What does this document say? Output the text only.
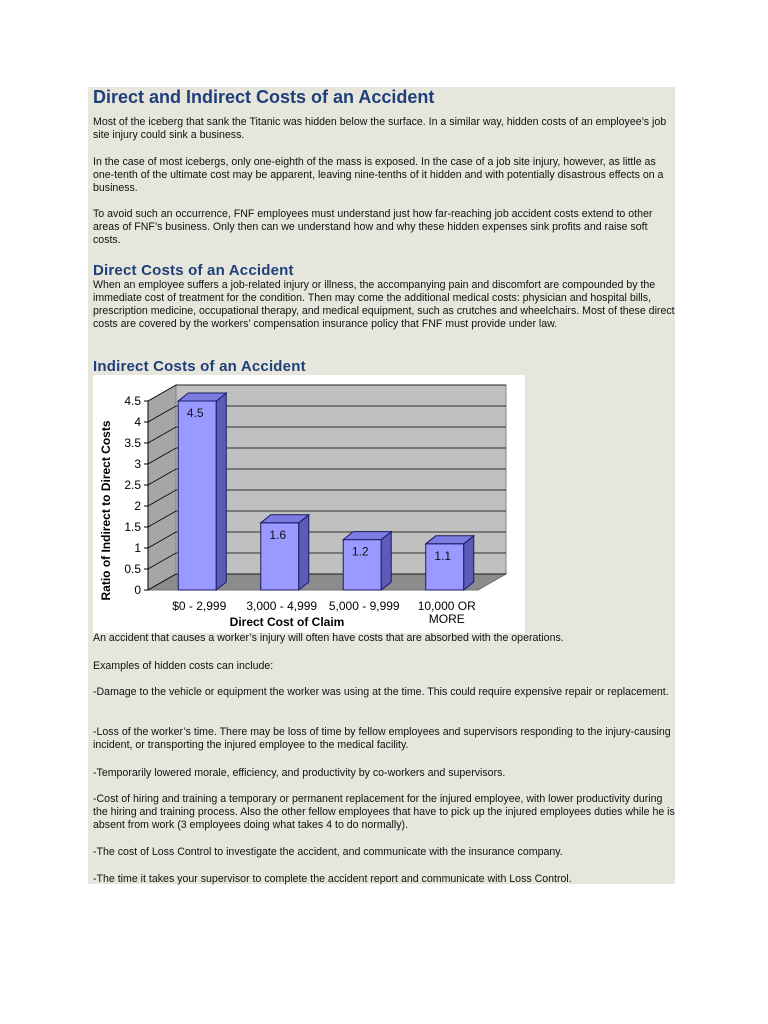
Direct and Indirect Costs of an Accident

Most of the iceberg that sank the Titanic was hidden below the surface. In a similar way, hidden costs of an employee’s job site injury could sink a business.

In the case of most icebergs, only one-eighth of the mass is exposed. In the case of a job site injury, however, as little as one-tenth of the ultimate cost may be apparent, leaving nine-tenths of it hidden and with potentially disastrous effects on a business.

To avoid such an occurrence, FNF employees must understand just how far-reaching job accident costs extend to other areas of FNF’s business. Only then can we understand how and why these hidden expenses sink profits and raise soft costs.

Direct Costs of an Accident

When an employee suffers a job-related injury or illness, the accompanying pain and discomfort are compounded by the immediate cost of treatment for the condition. Then may come the additional medical costs: physician and hospital bills, prescription medicine, occupational therapy, and medical equipment, such as crutches and wheelchairs. Most of these direct costs are covered by the workers’ compensation insurance policy that FNF must provide under law.

Indirect Costs of an Accident
0
0.5
1
1.5
2
2.5
3
3.5
4
4.5
4.5
$0 - 2,999
1.6
3,000 - 4,999
1.2
5,000 - 9,999
1.1
10,000 OR
MORE
Direct Cost of Claim
Ratio of Indirect to Direct Costs

An accident that causes a worker’s injury will often have costs that are absorbed with the operations.

Examples of hidden costs can include:

-Damage to the vehicle or equipment the worker was using at the time. This could require expensive repair or replacement.

-Loss of the worker’s time. There may be loss of time by fellow employees and supervisors responding to the injury-causing incident, or transporting the injured employee to the medical facility.

-Temporarily lowered morale, efficiency, and productivity by co-workers and supervisors.

-Cost of hiring and training a temporary or permanent replacement for the injured employee, with lower productivity during the hiring and training process. Also the other fellow employees that have to pick up the injured employees duties while he is absent from work (3 employees doing what takes 4 to do normally).

-The cost of Loss Control to investigate the accident, and communicate with the insurance company.

-The time it takes your supervisor to complete the accident report and communicate with Loss Control.
